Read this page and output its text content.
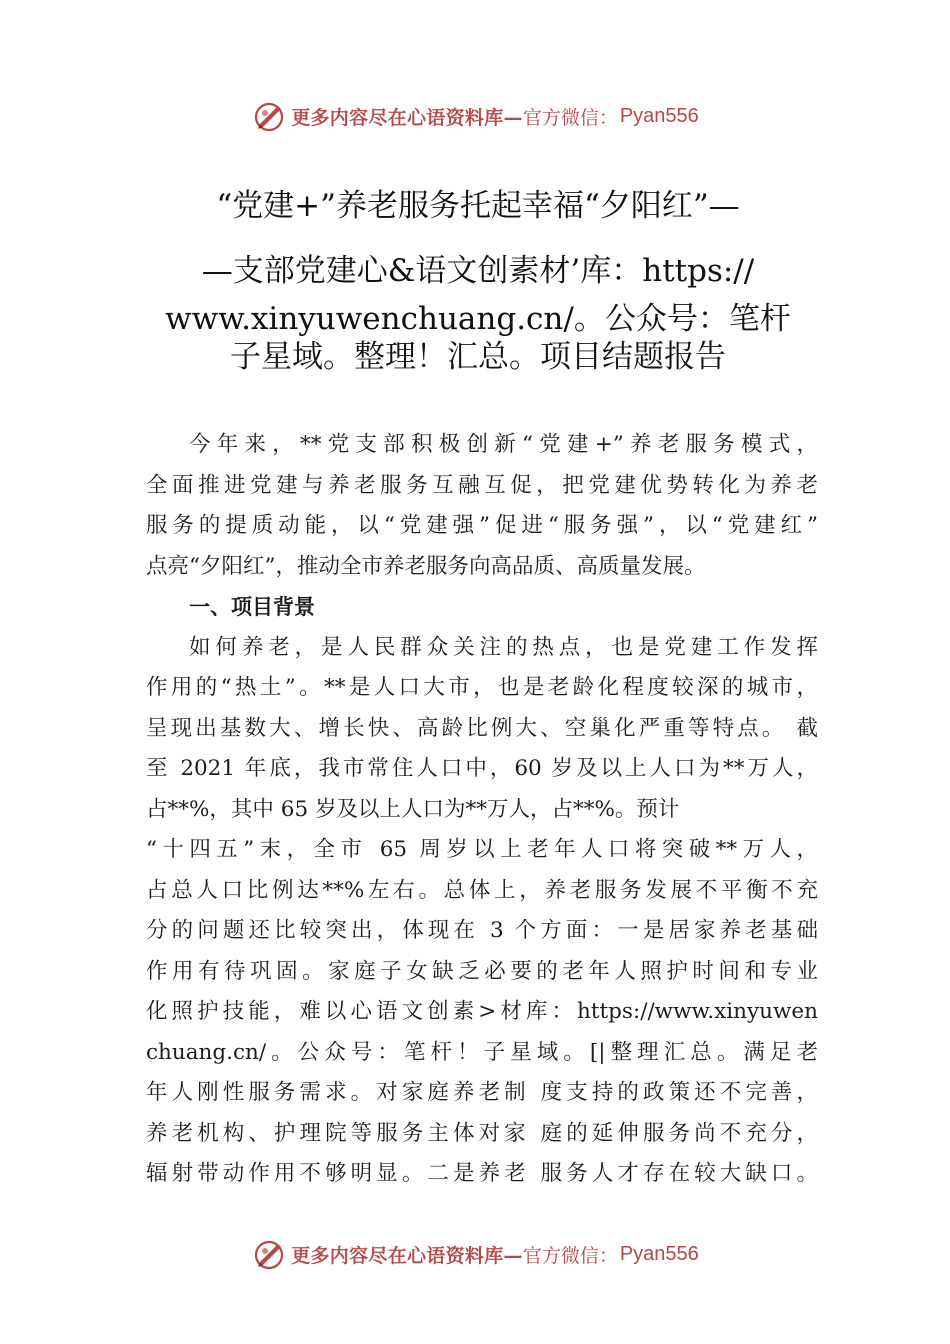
更多内容尽在心语资料库— 官方微信： Pyan556
“党建+”养老服务托起幸福“夕阳红”—
—支部党建心&语文创素材’库：https://
www.xinyuwenchuang.cn/。公众号：笔杆
子星域。整理！汇总。项目结题报告
今年来，**党支部积极创新“党建+”养老服务模式，
全面推进党建与养老服务互融互促，把党建优势转化为养老
服务的提质动能，以“党建强”促进“服务强”，以“党建红”
点亮“夕阳红”，推动全市养老服务向高品质、高质量发展。
一、项目背景
如何养老，是人民群众关注的热点，也是党建工作发挥
作用的“热土”。**是人口大市，也是老龄化程度较深的城市，
呈现出基数大、增长快、高龄比例大、空巢化严重等特点。 截
至 2021 年底，我市常住人口中，60 岁及以上人口为**万人，
占**%，其中 65 岁及以上人口为**万人，占**%。预计
“十四五”末，全市 65 周岁以上老年人口将突破**万人，
占总人口比例达**%左右。总体上，养老服务发展不平衡不充
分的问题还比较突出，体现在 3 个方面：一是居家养老基础
作用有待巩固。家庭子女缺乏必要的老年人照护时间和专业
化照护技能，难以心语文创素>材库：https://www.xinyuwen
chuang.cn/。公众号：笔杆！子星域。[|整理汇总。满足老
年人刚性服务需求。对家庭养老制 度支持的政策还不完善，
养老机构、护理院等服务主体对家 庭的延伸服务尚不充分，
辐射带动作用不够明显。二是养老 服务人才存在较大缺口。
更多内容尽在心语资料库— 官方微信： Pyan556
